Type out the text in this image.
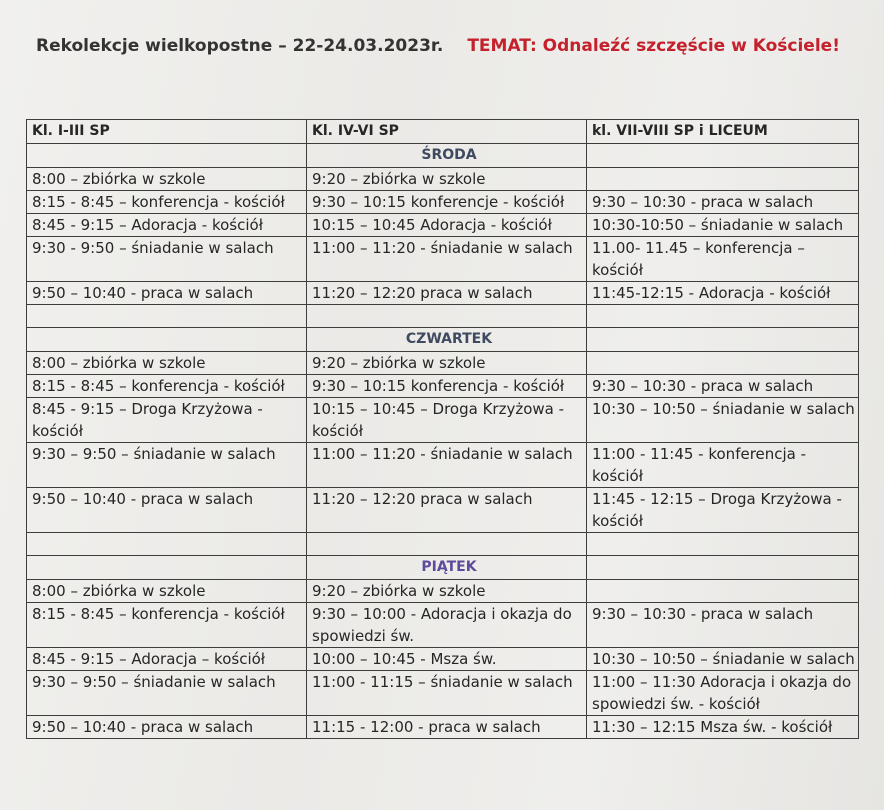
Rekolekcje wielkopostne – 22-24.03.2023r. TEMAT: Odnaleźć szczęście w Kościele!
Kl. I-III SP	Kl. IV-VI SP	kl. VII-VIII SP i LICEUM
	ŚRODA	
8:00 – zbiórka w szkole	9:20 – zbiórka w szkole	
8:15 - 8:45 – konferencja - kościół	9:30 – 10:15 konferencje - kościół	9:30 – 10:30 - praca w salach
8:45 - 9:15 – Adoracja - kościół	10:15 – 10:45 Adoracja - kościół	10:30-10:50 – śniadanie w salach
9:30 - 9:50 – śniadanie w salach	11:00 – 11:20 - śniadanie w salach	11.00- 11.45 – konferencja – kościół
9:50 – 10:40 - praca w salach	11:20 – 12:20 praca w salach	11:45-12:15 - Adoracja - kościół

	CZWARTEK	
8:00 – zbiórka w szkole	9:20 – zbiórka w szkole	
8:15 - 8:45 – konferencja - kościół	9:30 – 10:15 konferencja - kościół	9:30 – 10:30 - praca w salach
8:45 - 9:15 – Droga Krzyżowa - kościół	10:15 – 10:45 – Droga Krzyżowa - kościół	10:30 – 10:50 – śniadanie w salach
9:30 – 9:50 – śniadanie w salach	11:00 – 11:20 - śniadanie w salach	11:00 - 11:45 - konferencja - kościół
9:50 – 10:40 - praca w salach	11:20 – 12:20 praca w salach	11:45 - 12:15 – Droga Krzyżowa - kościół

	PIĄTEK	
8:00 – zbiórka w szkole	9:20 – zbiórka w szkole	
8:15 - 8:45 – konferencja - kościół	9:30 – 10:00 - Adoracja i okazja do spowiedzi św.	9:30 – 10:30 - praca w salach
8:45 - 9:15 – Adoracja – kościół	10:00 – 10:45 - Msza św.	10:30 – 10:50 – śniadanie w salach
9:30 – 9:50 – śniadanie w salach	11:00 - 11:15 – śniadanie w salach	11:00 – 11:30 Adoracja i okazja do spowiedzi św. - kościół
9:50 – 10:40 - praca w salach	11:15 - 12:00 - praca w salach	11:30 – 12:15 Msza św. - kościół
